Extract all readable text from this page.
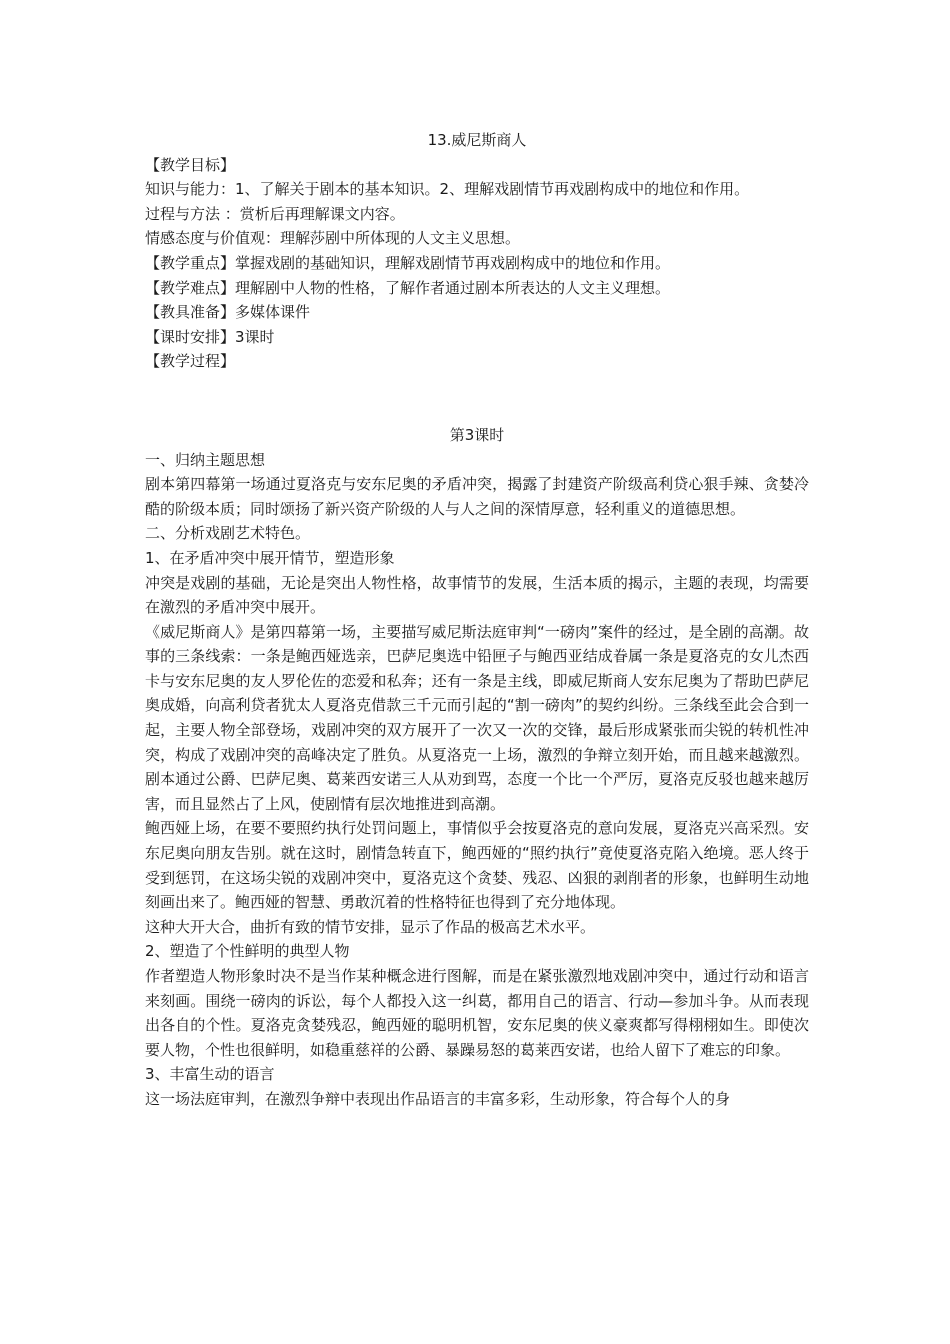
13.威尼斯商人
【教学目标】
知识与能力：1、了解关于剧本的基本知识。2、理解戏剧情节再戏剧构成中的地位和作用。
过程与方法 ：赏析后再理解课文内容。
情感态度与价值观：理解莎剧中所体现的人文主义思想。
【教学重点】掌握戏剧的基础知识，理解戏剧情节再戏剧构成中的地位和作用。
【教学难点】理解剧中人物的性格，了解作者通过剧本所表达的人文主义理想。
【教具准备】多媒体课件
【课时安排】3课时
【教学过程】
第3课时
一、归纳主题思想
剧本第四幕第一场通过夏洛克与安东尼奥的矛盾冲突，揭露了封建资产阶级高利贷心狠手辣、贪婪冷酷的阶级本质；同时颂扬了新兴资产阶级的人与人之间的深情厚意，轻利重义的道德思想。
二、分析戏剧艺术特色。
1、在矛盾冲突中展开情节，塑造形象
冲突是戏剧的基础，无论是突出人物性格，故事情节的发展，生活本质的揭示，主题的表现，均需要在激烈的矛盾冲突中展开。
《威尼斯商人》是第四幕第一场，主要描写威尼斯法庭审判“一磅肉”案件的经过，是全剧的高潮。故事的三条线索：一条是鲍西娅选亲，巴萨尼奥选中铅匣子与鲍西亚结成眷属一条是夏洛克的女儿杰西卡与安东尼奥的友人罗伦佐的恋爱和私奔；还有一条是主线，即威尼斯商人安东尼奥为了帮助巴萨尼奥成婚，向高利贷者犹太人夏洛克借款三千元而引起的“割一磅肉”的契约纠纷。三条线至此会合到一起，主要人物全部登场，戏剧冲突的双方展开了一次又一次的交锋，最后形成紧张而尖锐的转机性冲突，构成了戏剧冲突的高峰决定了胜负。从夏洛克一上场，激烈的争辩立刻开始，而且越来越激烈。剧本通过公爵、巴萨尼奥、葛莱西安诺三人从劝到骂，态度一个比一个严厉，夏洛克反驳也越来越厉害，而且显然占了上风，使剧情有层次地推进到高潮。
鲍西娅上场，在要不要照约执行处罚问题上，事情似乎会按夏洛克的意向发展，夏洛克兴高采烈。安东尼奥向朋友告别。就在这时，剧情急转直下，鲍西娅的“照约执行”竟使夏洛克陷入绝境。恶人终于受到惩罚，在这场尖锐的戏剧冲突中，夏洛克这个贪婪、残忍、凶狠的剥削者的形象，也鲜明生动地刻画出来了。鲍西娅的智慧、勇敢沉着的性格特征也得到了充分地体现。
这种大开大合，曲折有致的情节安排，显示了作品的极高艺术水平。
2、塑造了个性鲜明的典型人物
作者塑造人物形象时决不是当作某种概念进行图解，而是在紧张激烈地戏剧冲突中，通过行动和语言来刻画。围绕一磅肉的诉讼，每个人都投入这一纠葛，都用自己的语言、行动—参加斗争。从而表现出各自的个性。夏洛克贪婪残忍，鲍西娅的聪明机智，安东尼奥的侠义豪爽都写得栩栩如生。即使次要人物，个性也很鲜明，如稳重慈祥的公爵、暴躁易怒的葛莱西安诺，也给人留下了难忘的印象。
3、丰富生动的语言
这一场法庭审判，在激烈争辩中表现出作品语言的丰富多彩，生动形象，符合每个人的身
